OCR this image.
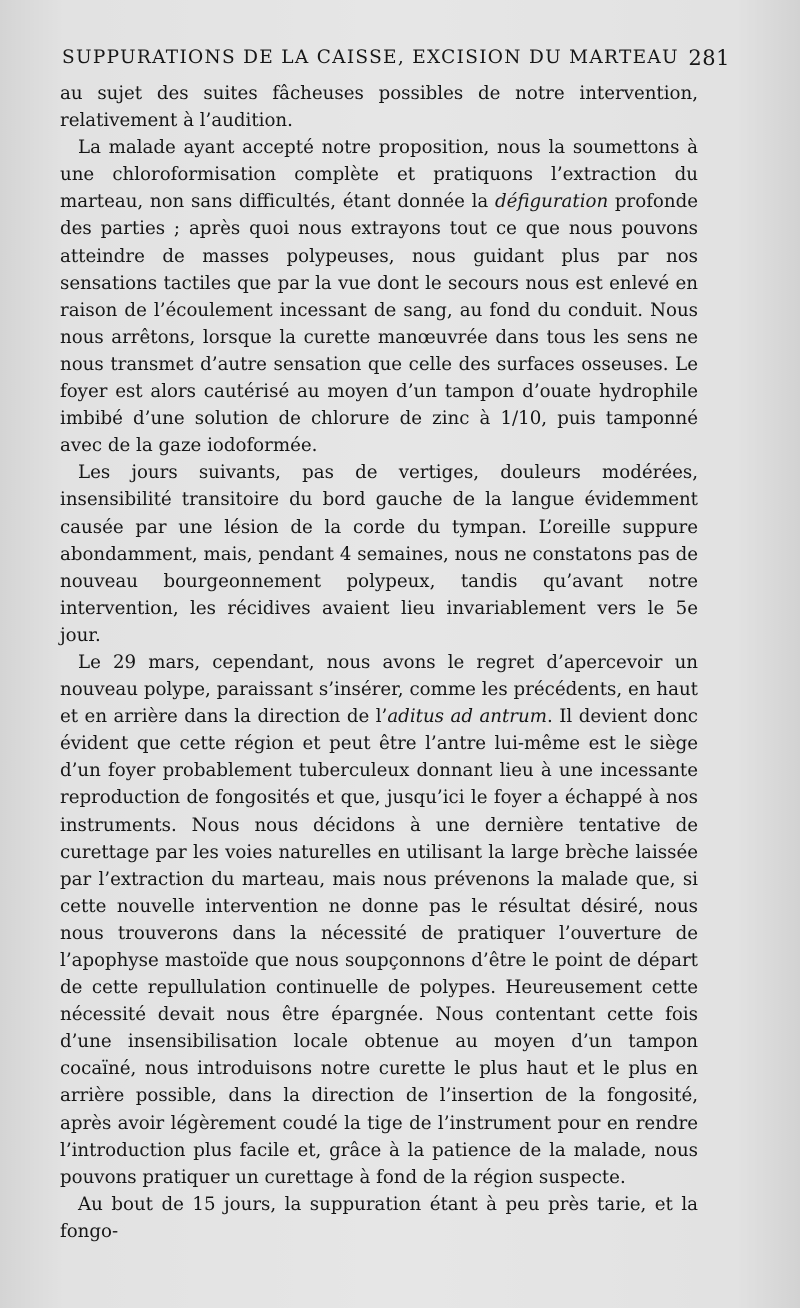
SUPPURATIONS DE LA CAISSE, EXCISION DU MARTEAU 281

au sujet des suites fâcheuses possibles de notre intervention, relativement à l’audition.

La malade ayant accepté notre proposition, nous la soumettons à une chloroformisation complète et pratiquons l’extraction du marteau, non sans difficultés, étant donnée la défiguration profonde des parties ; après quoi nous extrayons tout ce que nous pouvons atteindre de masses polypeuses, nous guidant plus par nos sensations tactiles que par la vue dont le secours nous est enlevé en raison de l’écoulement incessant de sang, au fond du conduit. Nous nous arrêtons, lorsque la curette manœuvrée dans tous les sens ne nous transmet d’autre sensation que celle des surfaces osseuses. Le foyer est alors cautérisé au moyen d’un tampon d’ouate hydrophile imbibé d’une solution de chlorure de zinc à 1/10, puis tamponné avec de la gaze iodoformée.

Les jours suivants, pas de vertiges, douleurs modérées, insensibilité transitoire du bord gauche de la langue évidemment causée par une lésion de la corde du tympan. L’oreille suppure abondamment, mais, pendant 4 semaines, nous ne constatons pas de nouveau bourgeonnement polypeux, tandis qu’avant notre intervention, les récidives avaient lieu invariablement vers le 5e jour.

Le 29 mars, cependant, nous avons le regret d’apercevoir un nouveau polype, paraissant s’insérer, comme les précédents, en haut et en arrière dans la direction de l’aditus ad antrum. Il devient donc évident que cette région et peut être l’antre lui-même est le siège d’un foyer probablement tuberculeux donnant lieu à une incessante reproduction de fongosités et que, jusqu’ici le foyer a échappé à nos instruments. Nous nous décidons à une dernière tentative de curettage par les voies naturelles en utilisant la large brèche laissée par l’extraction du marteau, mais nous prévenons la malade que, si cette nouvelle intervention ne donne pas le résultat désiré, nous nous trouverons dans la nécessité de pratiquer l’ouverture de l’apophyse mastoïde que nous soupçonnons d’être le point de départ de cette repullulation continuelle de polypes. Heureusement cette nécessité devait nous être épargnée. Nous contentant cette fois d’une insensibilisation locale obtenue au moyen d’un tampon cocaïné, nous introduisons notre curette le plus haut et le plus en arrière possible, dans la direction de l’insertion de la fongosité, après avoir légèrement coudé la tige de l’instrument pour en rendre l’introduction plus facile et, grâce à la patience de la malade, nous pouvons pratiquer un curettage à fond de la région suspecte.

Au bout de 15 jours, la suppuration étant à peu près tarie, et la fongo-
